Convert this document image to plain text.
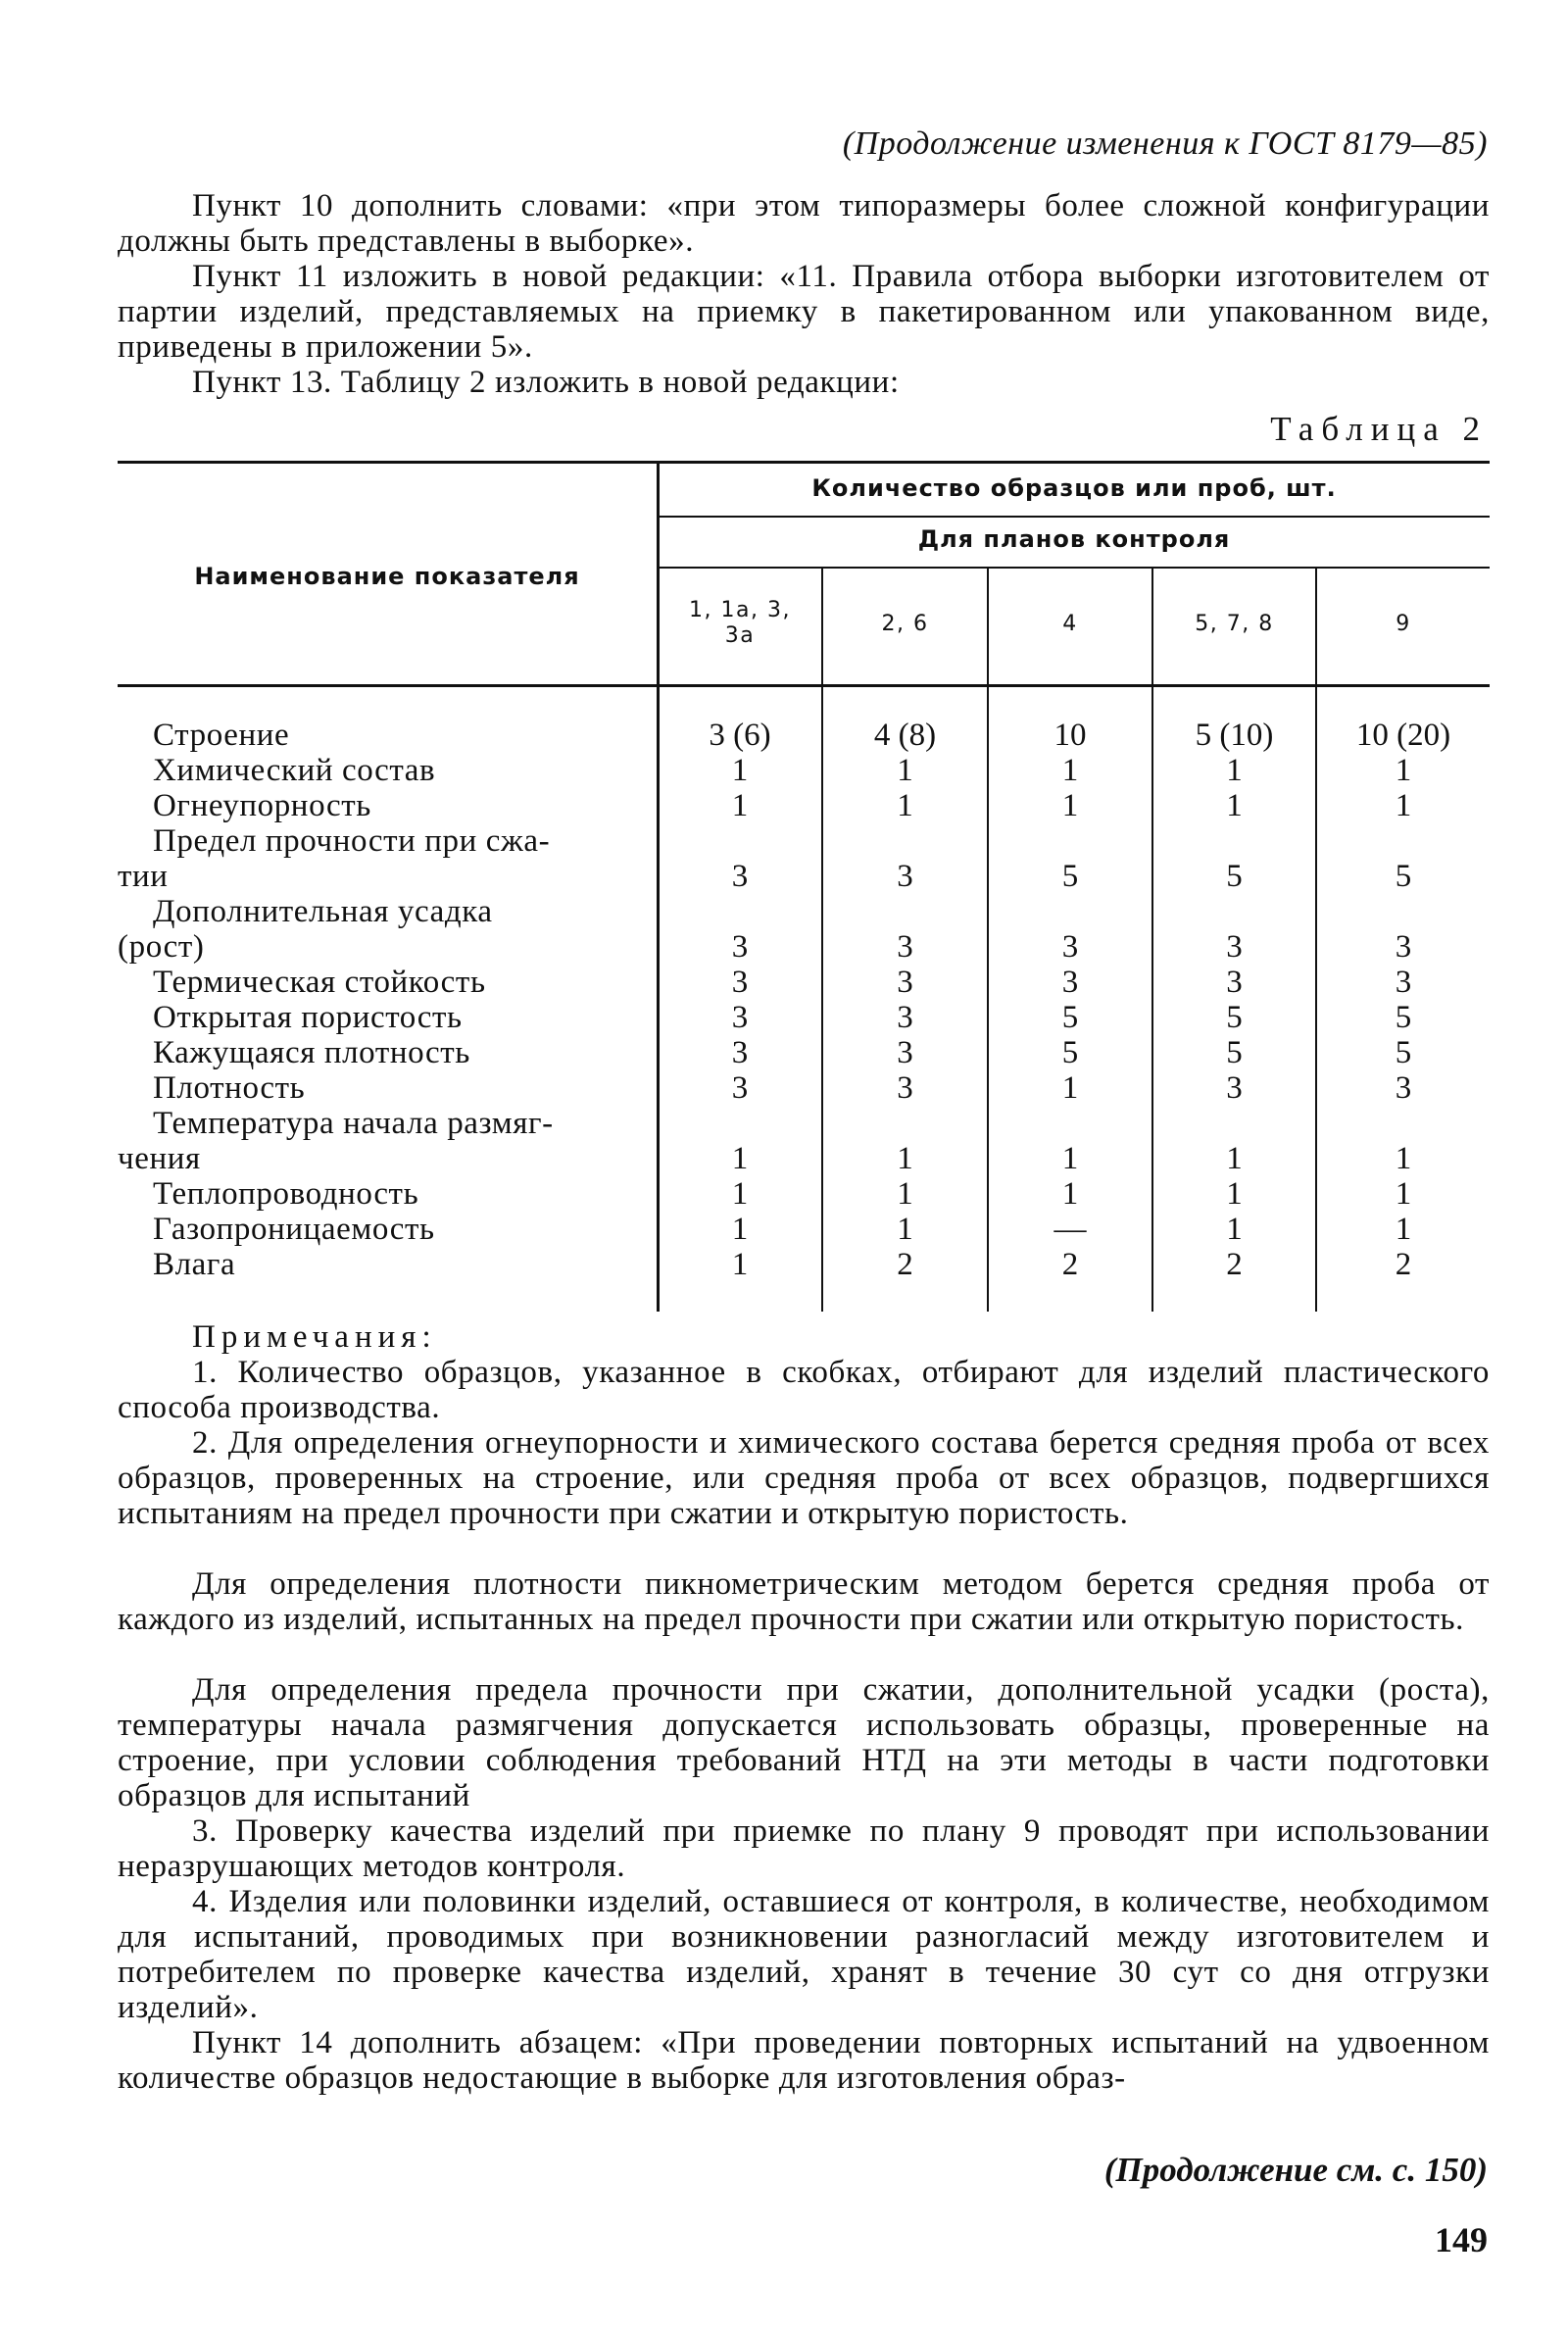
(Продолжение изменения к ГОСТ 8179—85)
Пункт 10 дополнить словами: «при этом типоразмеры более сложной конфигурации должны быть представлены в выборке».
Пункт 11 изложить в новой редакции: «11. Правила отбора выборки изготовителем от партии изделий, представляемых на приемку в пакетированном или упакованном виде, приведены в приложении 5».
Пункт 13. Таблицу 2 изложить в новой редакции:
Таблица 2
Наименование показателя
Количество образцов или проб, шт.
Для планов контроля
1, 1а, 3, 3а	2, 6	4	5, 7, 8	9
Строение	3 (6)	4 (8)	10	5 (10)	10 (20)
Химический состав	1	1	1	1	1
Огнеупорность	1	1	1	1	1
Предел прочности при сжа-
тии	3	3	5	5	5
Дополнительная усадка
(рост)	3	3	3	3	3
Термическая стойкость	3	3	3	3	3
Открытая пористость	3	3	5	5	5
Кажущаяся плотность	3	3	5	5	5
Плотность	3	3	1	3	3
Температура начала размяг-
чения	1	1	1	1	1
Теплопроводность	1	1	1	1	1
Газопроницаемость	1	1	—	1	1
Влага	1	2	2	2	2
Примечания:
1. Количество образцов, указанное в скобках, отбирают для изделий пластического способа производства.
2. Для определения огнеупорности и химического состава берется средняя проба от всех образцов, проверенных на строение, или средняя проба от всех образцов, подвергшихся испытаниям на предел прочности при сжатии и открытую пористость.
Для определения плотности пикнометрическим методом берется средняя проба от каждого из изделий, испытанных на предел прочности при сжатии или открытую пористость.
Для определения предела прочности при сжатии, дополнительной усадки (роста), температуры начала размягчения допускается использовать образцы, проверенные на строение, при условии соблюдения требований НТД на эти методы в части подготовки образцов для испытаний
3. Проверку качества изделий при приемке по плану 9 проводят при использовании неразрушающих методов контроля.
4. Изделия или половинки изделий, оставшиеся от контроля, в количестве, необходимом для испытаний, проводимых при возникновении разногласий между изготовителем и потребителем по проверке качества изделий, хранят в течение 30 сут со дня отгрузки изделий».
Пункт 14 дополнить абзацем: «При проведении повторных испытаний на удвоенном количестве образцов недостающие в выборке для изготовления образ-
(Продолжение см. с. 150)
149
